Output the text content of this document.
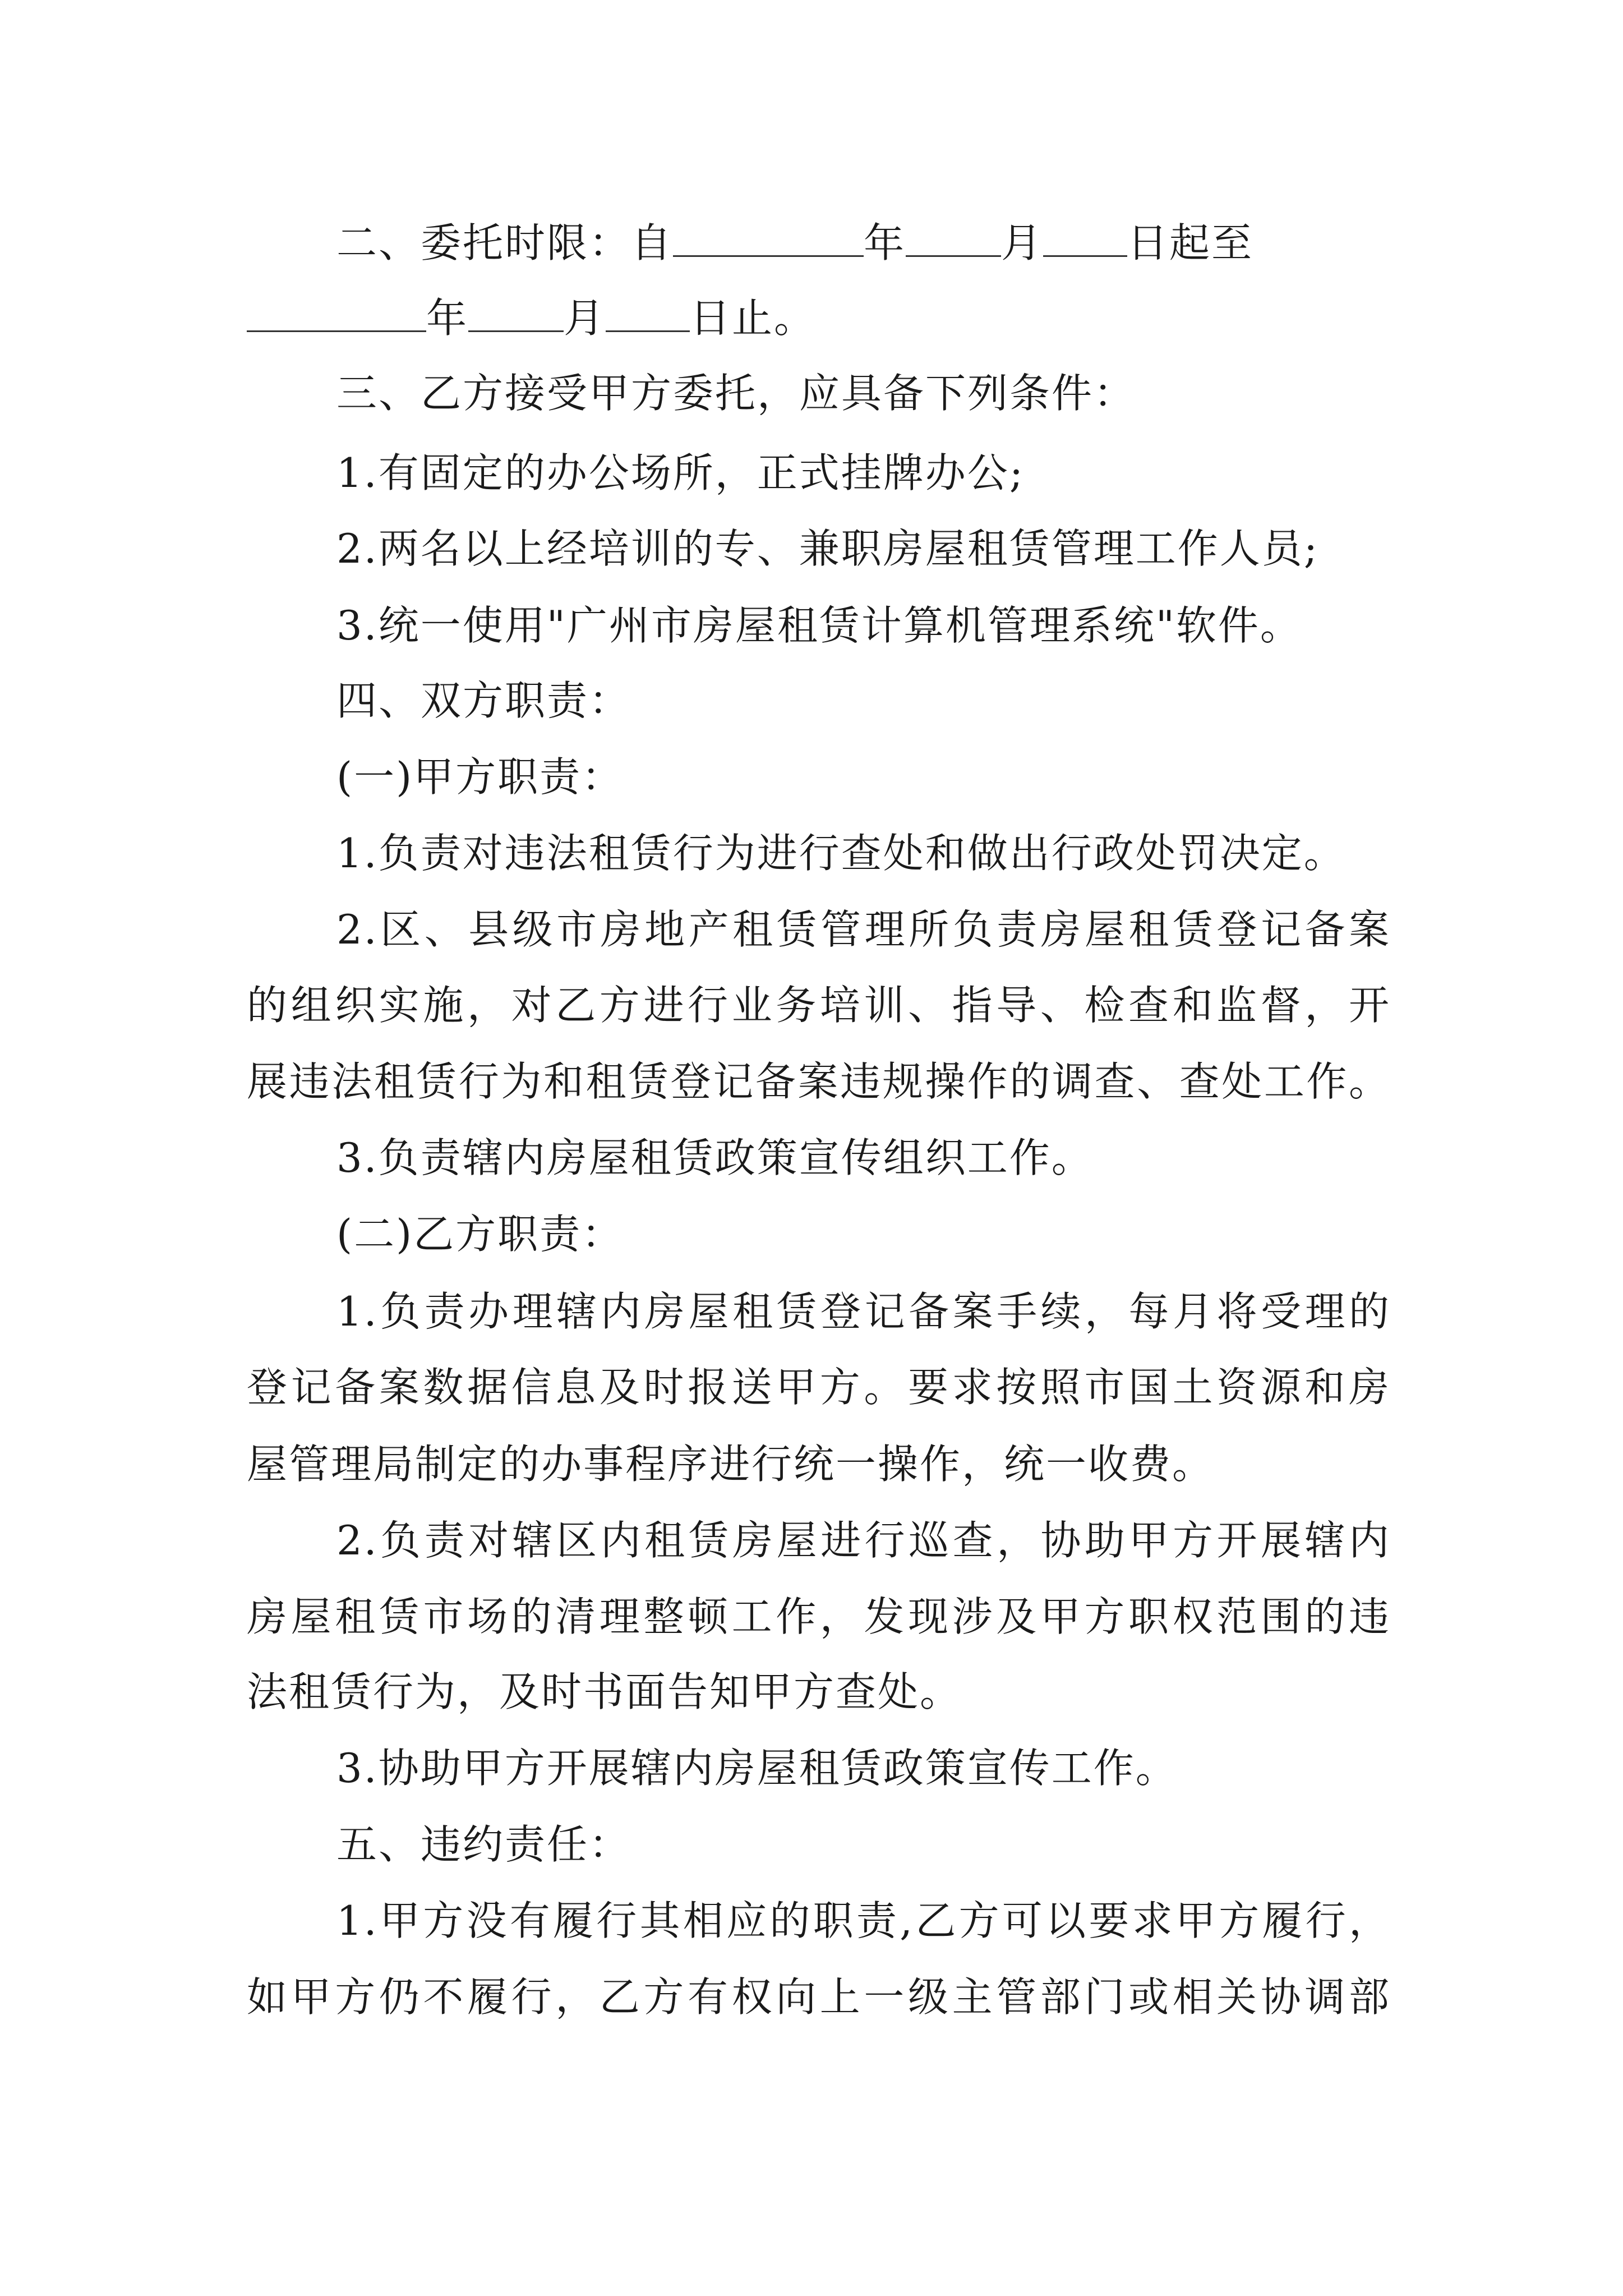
二、委托时限：自	年 月 日起至
年 月 日止。
三、乙方接受甲方委托，应具备下列条件：
1.有固定的办公场所，正式挂牌办公;
2.两名以上经培训的专、兼职房屋租赁管理工作人员;
3.统一使用"广州市房屋租赁计算机管理系统"软件。
四、双方职责：
(一)甲方职责：
1.负责对违法租赁行为进行查处和做出行政处罚决定。
2.区、县级市房地产租赁管理所负责房屋租赁登记备案
的组织实施，对乙方进行业务培训、指导、检查和监督，开
展违法租赁行为和租赁登记备案违规操作的调查、查处工作。
3.负责辖内房屋租赁政策宣传组织工作。
(二)乙方职责：
1.负责办理辖内房屋租赁登记备案手续，每月将受理的
登记备案数据信息及时报送甲方。要求按照市国土资源和房
屋管理局制定的办事程序进行统一操作，统一收费。
2.负责对辖区内租赁房屋进行巡查，协助甲方开展辖内
房屋租赁市场的清理整顿工作，发现涉及甲方职权范围的违
法租赁行为，及时书面告知甲方查处。
3.协助甲方开展辖内房屋租赁政策宣传工作。
五、违约责任：
1.甲方没有履行其相应的职责,乙方可以要求甲方履行，
如甲方仍不履行，乙方有权向上一级主管部门或相关协调部
